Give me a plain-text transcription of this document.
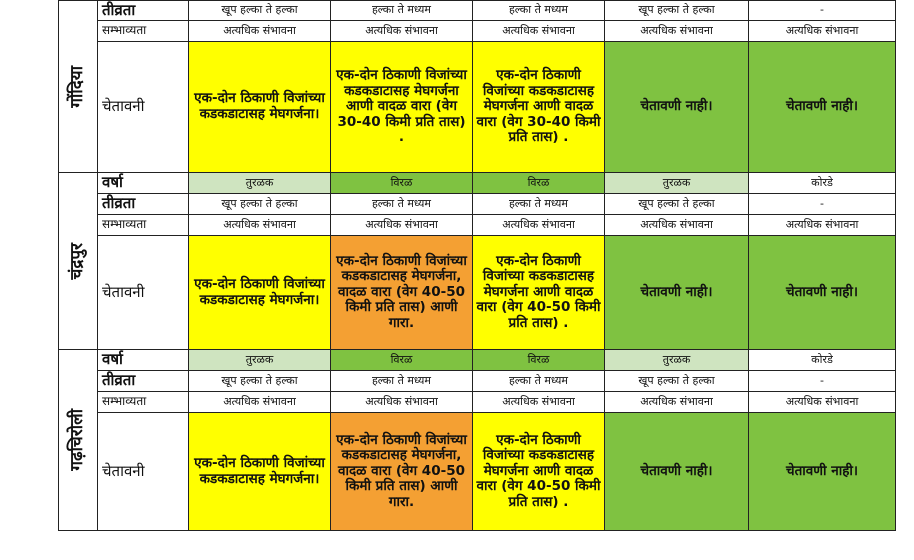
गोंदिया	तीव्रता	खूप हल्का ते हल्का	हल्का ते मध्यम	हल्का ते मध्यम	खूप हल्का ते हल्का	-
	सम्भाव्यता	अत्यधिक संभावना	अत्यधिक संभावना	अत्यधिक संभावना	अत्यधिक संभावना	अत्यधिक संभावना
	चेतावनी	एक-दोन ठिकाणी विजांच्या कडकडाटासह मेघगर्जना।	एक-दोन ठिकाणी विजांच्या कडकडाटासह मेघगर्जना आणी वादळ वारा (वेग 30-40 किमी प्रति तास) .	एक-दोन ठिकाणी विजांच्या कडकडाटासह मेघगर्जना आणी वादळ वारा (वेग 30-40 किमी प्रति तास) .	चेतावणी नाही।	चेतावणी नाही।

चंद्रपुर	वर्षा	तुरळक	विरळ	विरळ	तुरळक	कोरडे
	तीव्रता	खूप हल्का ते हल्का	हल्का ते मध्यम	हल्का ते मध्यम	खूप हल्का ते हल्का	-
	सम्भाव्यता	अत्यधिक संभावना	अत्यधिक संभावना	अत्यधिक संभावना	अत्यधिक संभावना	अत्यधिक संभावना
	चेतावनी	एक-दोन ठिकाणी विजांच्या कडकडाटासह मेघगर्जना।	एक-दोन ठिकाणी विजांच्या कडकडाटासह मेघगर्जना, वादळ वारा (वेग 40-50 किमी प्रति तास) आणी गारा.	एक-दोन ठिकाणी विजांच्या कडकडाटासह मेघगर्जना आणी वादळ वारा (वेग 40-50 किमी प्रति तास) .	चेतावणी नाही।	चेतावणी नाही।

गढ़चिरोली	वर्षा	तुरळक	विरळ	विरळ	तुरळक	कोरडे
	तीव्रता	खूप हल्का ते हल्का	हल्का ते मध्यम	हल्का ते मध्यम	खूप हल्का ते हल्का	-
	सम्भाव्यता	अत्यधिक संभावना	अत्यधिक संभावना	अत्यधिक संभावना	अत्यधिक संभावना	अत्यधिक संभावना
	चेतावनी	एक-दोन ठिकाणी विजांच्या कडकडाटासह मेघगर्जना।	एक-दोन ठिकाणी विजांच्या कडकडाटासह मेघगर्जना, वादळ वारा (वेग 40-50 किमी प्रति तास) आणी गारा.	एक-दोन ठिकाणी विजांच्या कडकडाटासह मेघगर्जना आणी वादळ वारा (वेग 40-50 किमी प्रति तास) .	चेतावणी नाही।	चेतावणी नाही।
